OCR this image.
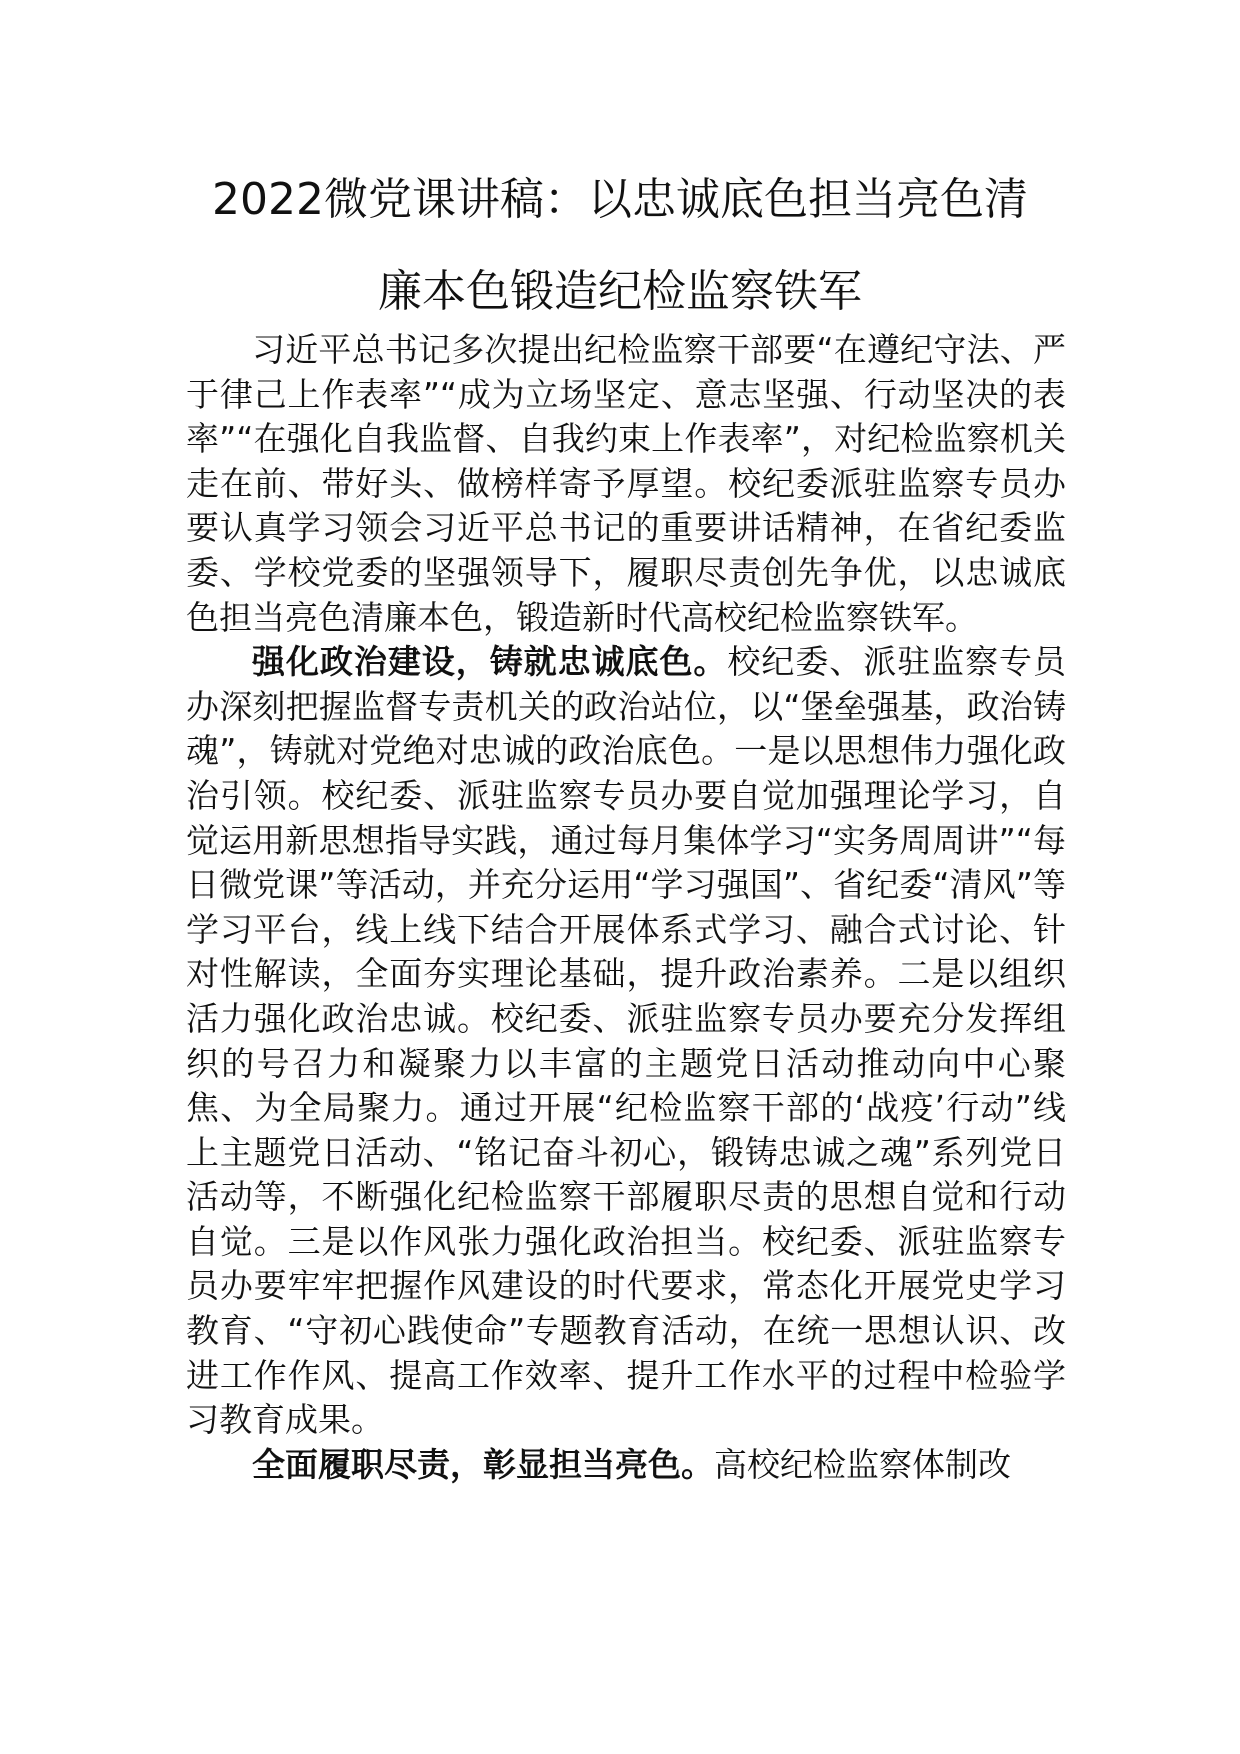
2022微党课讲稿：以忠诚底色担当亮色清
廉本色锻造纪检监察铁军

习近平总书记多次提出纪检监察干部要“在遵纪守法、严于律己上作表率”“成为立场坚定、意志坚强、行动坚决的表率”“在强化自我监督、自我约束上作表率”，对纪检监察机关走在前、带好头、做榜样寄予厚望。校纪委派驻监察专员办要认真学习领会习近平总书记的重要讲话精神，在省纪委监委、学校党委的坚强领导下，履职尽责创先争优，以忠诚底色担当亮色清廉本色，锻造新时代高校纪检监察铁军。

强化政治建设，铸就忠诚底色。校纪委、派驻监察专员办深刻把握监督专责机关的政治站位，以“堡垒强基，政治铸魂”，铸就对党绝对忠诚的政治底色。一是以思想伟力强化政治引领。校纪委、派驻监察专员办要自觉加强理论学习，自觉运用新思想指导实践，通过每月集体学习“实务周周讲”“每日微党课”等活动，并充分运用“学习强国”、省纪委“清风”等学习平台，线上线下结合开展体系式学习、融合式讨论、针对性解读，全面夯实理论基础，提升政治素养。二是以组织活力强化政治忠诚。校纪委、派驻监察专员办要充分发挥组织的号召力和凝聚力以丰富的主题党日活动推动向中心聚焦、为全局聚力。通过开展“纪检监察干部的‘战疫’行动”线上主题党日活动、“铭记奋斗初心，锻铸忠诚之魂”系列党日活动等，不断强化纪检监察干部履职尽责的思想自觉和行动自觉。三是以作风张力强化政治担当。校纪委、派驻监察专员办要牢牢把握作风建设的时代要求，常态化开展党史学习教育、“守初心践使命”专题教育活动，在统一思想认识、改进工作作风、提高工作效率、提升工作水平的过程中检验学习教育成果。

全面履职尽责，彰显担当亮色。高校纪检监察体制改
